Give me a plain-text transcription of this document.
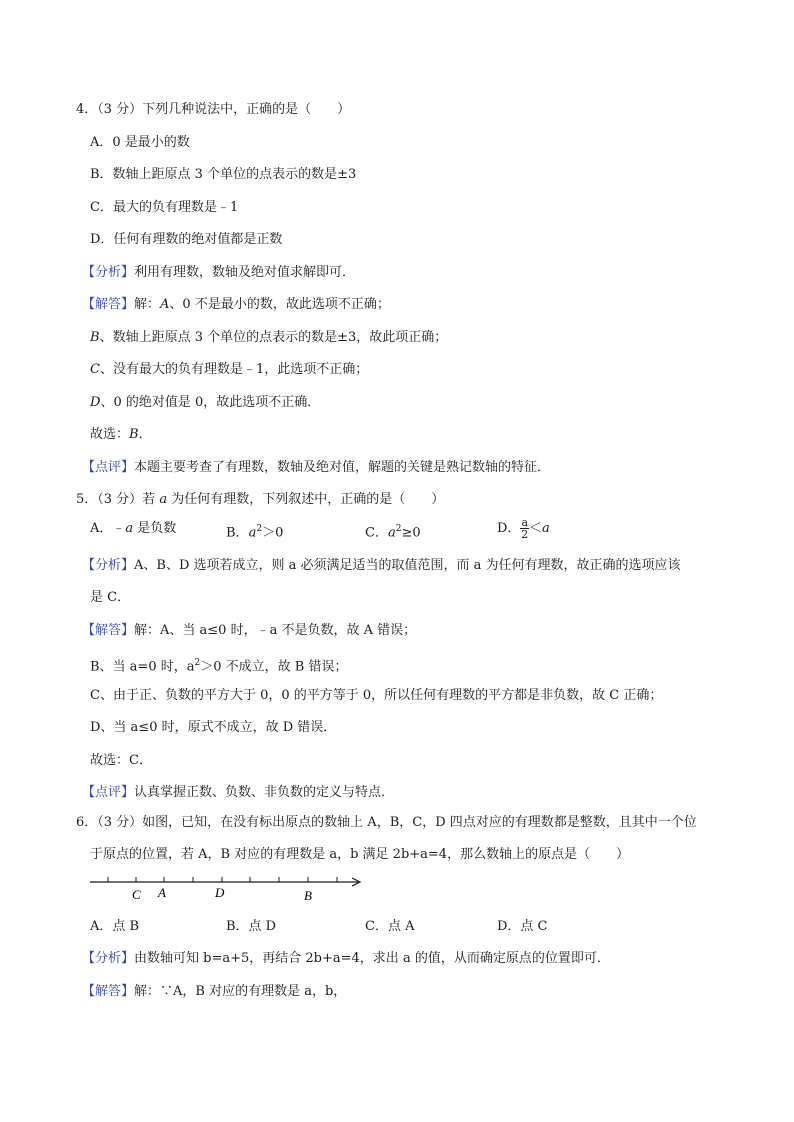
4．（3 分）下列几种说法中，正确的是（　　）
A．0 是最小的数
B．数轴上距原点 3 个单位的点表示的数是±3
C．最大的负有理数是﹣1
D．任何有理数的绝对值都是正数
【分析】利用有理数，数轴及绝对值求解即可．
【解答】解：A、0 不是最小的数，故此选项不正确；
B、数轴上距原点 3 个单位的点表示的数是±3，故此项正确；
C、没有最大的负有理数是﹣1，此选项不正确；
D、0 的绝对值是 0，故此选项不正确．
故选：B．
【点评】本题主要考查了有理数，数轴及绝对值，解题的关键是熟记数轴的特征．
5．（3 分）若 a 为任何有理数，下列叙述中，正确的是（　　）
A．﹣a 是负数	B．$a^2>0$	C．$a^2\ge 0$	D． $\frac{a}{2} <a$
【分析】A、B、D 选项若成立，则 a 必须满足适当的取值范围，而 a 为任何有理数，故正确的选项应该
是 C．
【解答】解：A、当 a≤0 时，﹣a 不是负数，故 A 错误；
B、当 a=0 时，$a^2>0$ 不成立，故 B 错误；
C、由于正、负数的平方大于 0，0 的平方等于 0，所以任何有理数的平方都是非负数，故 C 正确；
D、当 a≤0 时，原式不成立，故 D 错误．
故选：C．
【点评】认真掌握正数、负数、非负数的定义与特点．
6．（3 分）如图，已知，在没有标出原点的数轴上 A，B，C，D 四点对应的有理数都是整数，且其中一个位
于原点的位置，若 A，B 对应的有理数是 a，b 满足 2b+a=4，那么数轴上的原点是（　　）
C A	D	B
A．点 B	B．点 D	C．点 A	D．点 C
【分析】由数轴可知 b=a+5，再结合 2b+a=4，求出 a 的值，从而确定原点的位置即可．
【解答】解：∵A，B 对应的有理数是 a，b，
